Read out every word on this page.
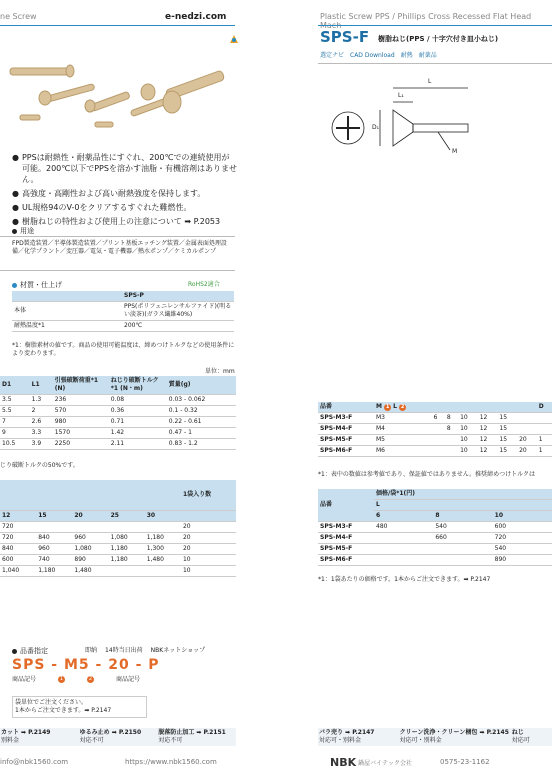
ne Screw	e-nedzi.com
● PPSは耐熱性・耐薬品性にすぐれ、200℃での連続使用が可能。200℃以下でPPSを溶かす油脂・有機溶剤はありません。
● 高強度・高剛性および高い耐熱強度を保持します。
● UL規格94のV-0をクリアするすぐれた難燃性。
● 樹脂ねじの特性および使用上の注意について ➡ P.2053
用途
FPD製造装置／半導体製造装置／プリント基板エッチング装置／金属表面処理設備／化学プラント／変圧器／電気・電子機器／熱水ポンプ／ケミカルポンプ
材質・仕上げ	RoHS2適合
	SPS-P
本体	PPS(ポリフェニレンサルファイド)(明るい淡茶)(ガラス繊維40%)
耐熱温度*1	200℃
*1：樹脂素材の値です。商品の使用可能温度は、締めつけトルクなどの使用条件により変わります。
単位：mm
D1	L1	引張破断荷重*1 (N)	ねじり破断トルク*1 (N・m)	質量(g)
3.5	1.3	236	0.08	0.03 - 0.062
5.5	2	570	0.36	0.1 - 0.32
7	2.6	980	0.71	0.22 - 0.61
9	3.3	1570	1.42	0.47 - 1
10.5	3.9	2250	2.11	0.83 - 1.2
じり破断トルクの50%です。
					1袋入り数
12	15	20	25	30	
720					20
720	840	960	1,080	1,180	20
840	960	1,080	1,180	1,300	20
600	740	890	1,180	1,480	10
1,040	1,180	1,480			10
品番指定	即納 14時当日出荷 NBKネットショップ
SPS - M5 - 20 - P
商品記号	1	2	商品記号
袋単位でご注文ください。
1本からご注文できます。➡ P.2147
カット ➡ P.2149
別料金
ゆるみ止め ➡ P.2150
対応不可
脱落防止加工 ➡ P.2151
対応不可
info@nbk1560.com	https://www.nbk1560.com
Plastic Screw PPS / Phillips Cross Recessed Flat Head
SPS-F 樹脂ねじ(PPS / 十字穴付き皿小ねじ)
選定ナビ CAD Download 耐熱 耐薬品
L
L₁
D₁
M
品番	M 1 L 2							D
SPS-M3-F	M3	6	8	10	12	15		
SPS-M4-F	M4		8	10	12	15		
SPS-M5-F	M5			10	12	15	20	1
SPS-M6-F	M6			10	12	15	20	1
*1：表中の数値は参考値であり、保証値ではありません。推奨締めつけトルクは
品番	価格/袋*1(円)		
	L		
	6	8	10
SPS-M3-F	480	540	600
SPS-M4-F		660	720
SPS-M5-F			540
SPS-M6-F			890
*1：1袋あたりの価格です。1本からご注文できます。➡ P.2147
バラ売り ➡ P.2147
対応可・別料金
クリーン洗浄・クリーン梱包 ➡ P.2145
対応可・別料金
ねじ
対応可
NBK 鍋屋バイテック会社	0575-23-1162
